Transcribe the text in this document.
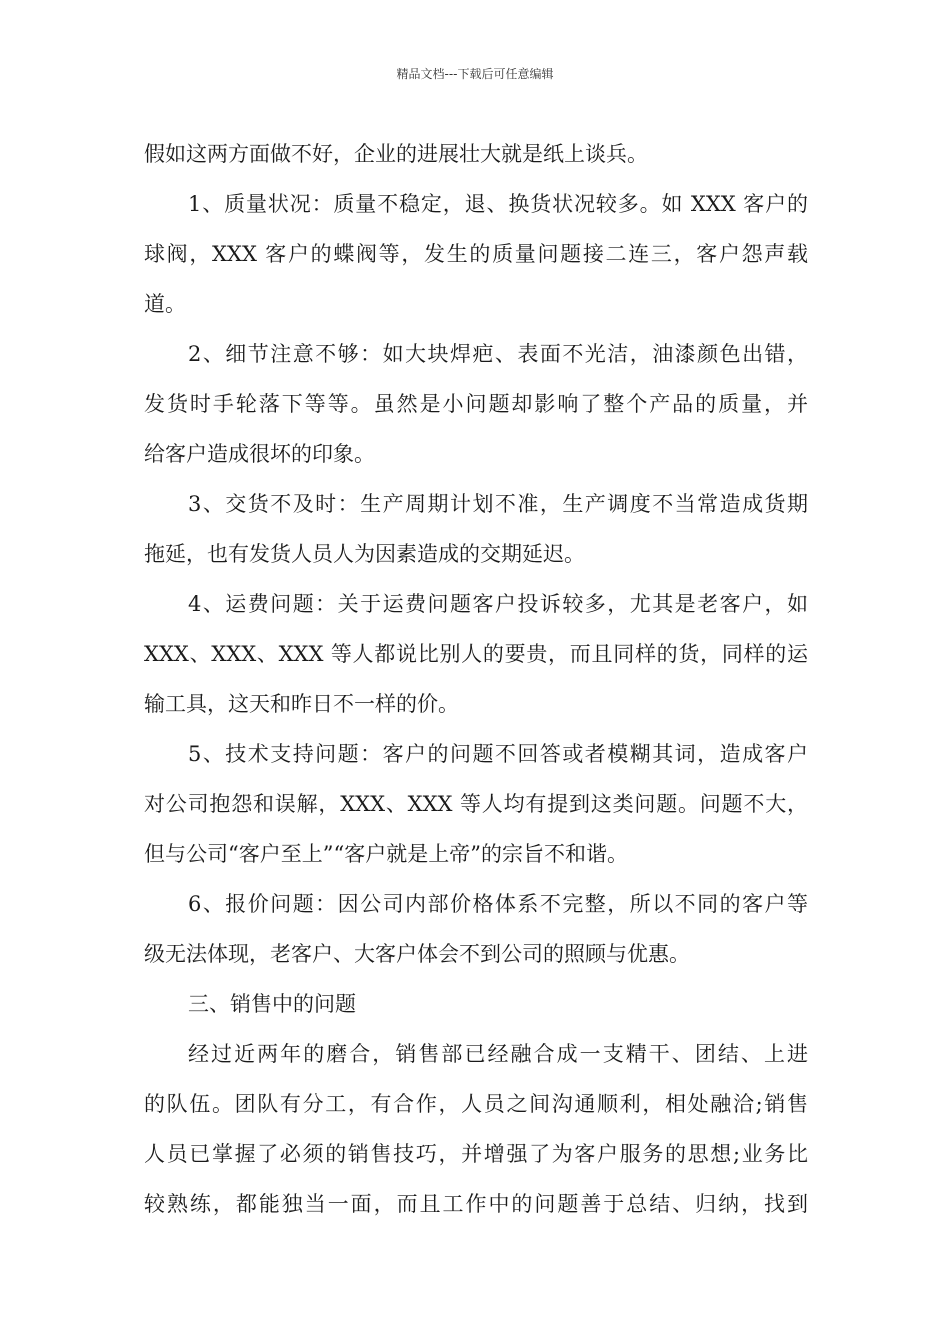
精品文档---下载后可任意编辑
假如这两方面做不好，企业的进展壮大就是纸上谈兵。
1、质量状况：质量不稳定，退、换货状况较多。如 XXX 客户的
球阀，XXX 客户的蝶阀等，发生的质量问题接二连三，客户怨声载
道。
2、细节注意不够：如大块焊疤、表面不光洁，油漆颜色出错，
发货时手轮落下等等。虽然是小问题却影响了整个产品的质量，并
给客户造成很坏的印象。
3、交货不及时：生产周期计划不准，生产调度不当常造成货期
拖延，也有发货人员人为因素造成的交期延迟。
4、运费问题：关于运费问题客户投诉较多，尤其是老客户，如
XXX、XXX、XXX 等人都说比别人的要贵，而且同样的货，同样的运
输工具，这天和昨日不一样的价。
5、技术支持问题：客户的问题不回答或者模糊其词，造成客户
对公司抱怨和误解，XXX、XXX 等人均有提到这类问题。问题不大，
但与公司“客户至上”“客户就是上帝”的宗旨不和谐。
6、报价问题：因公司内部价格体系不完整，所以不同的客户等
级无法体现，老客户、大客户体会不到公司的照顾与优惠。
三、销售中的问题
经过近两年的磨合，销售部已经融合成一支精干、团结、上进
的队伍。团队有分工，有合作，人员之间沟通顺利，相处融洽;销售
人员已掌握了必须的销售技巧，并增强了为客户服务的思想;业务比
较熟练，都能独当一面，而且工作中的问题善于总结、归纳，找到
